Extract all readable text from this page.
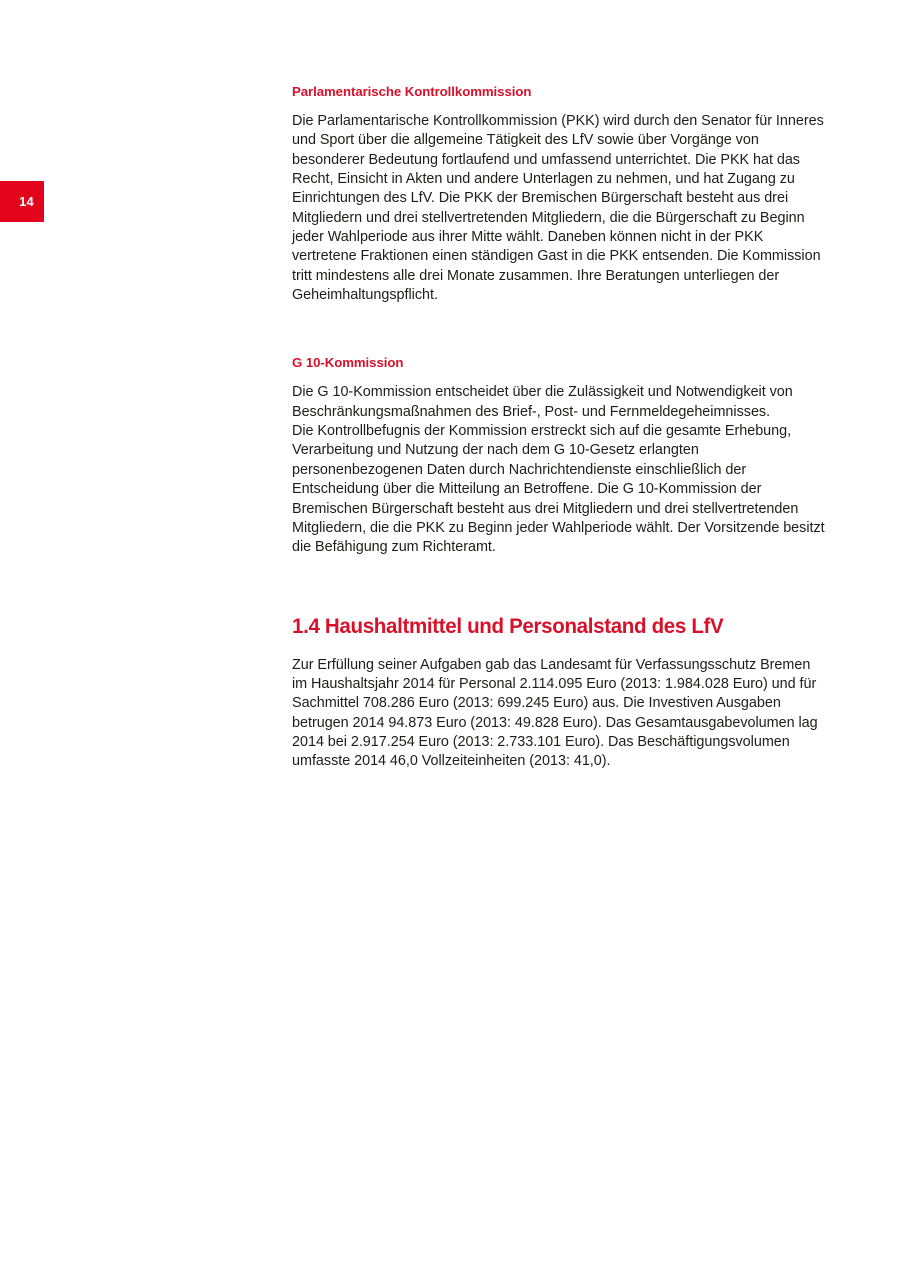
14
Parlamentarische Kontrollkommission

Die Parlamentarische Kontrollkommission (PKK) wird durch den Senator für Inneres und Sport über die allgemeine Tätigkeit des LfV sowie über Vorgänge von besonderer Bedeutung fortlaufend und umfassend unterrichtet. Die PKK hat das Recht, Einsicht in Akten und andere Unterlagen zu nehmen, und hat Zugang zu Einrichtungen des LfV. Die PKK der Bremischen Bürgerschaft besteht aus drei Mitgliedern und drei stellvertretenden Mitgliedern, die die Bürgerschaft zu Beginn jeder Wahlperiode aus ihrer Mitte wählt. Daneben können nicht in der PKK vertretene Fraktionen einen ständigen Gast in die PKK entsenden. Die Kommission tritt mindestens alle drei Monate zusammen. Ihre Beratungen unterliegen der Geheimhaltungspflicht.

G 10-Kommission

Die G 10-Kommission entscheidet über die Zulässigkeit und Notwendigkeit von Beschränkungsmaßnahmen des Brief-, Post- und Fernmeldegeheimnisses.

Die Kontrollbefugnis der Kommission erstreckt sich auf die gesamte Erhebung, Verarbeitung und Nutzung der nach dem G 10-Gesetz erlangten personenbezogenen Daten durch Nachrichtendienste einschließlich der Entscheidung über die Mitteilung an Betroffene. Die G 10-Kommission der Bremischen Bürgerschaft besteht aus drei Mitgliedern und drei stellvertretenden Mitgliedern, die die PKK zu Beginn jeder Wahlperiode wählt. Der Vorsitzende besitzt die Befähigung zum Richteramt.

1.4 Haushaltmittel und Personalstand des LfV

Zur Erfüllung seiner Aufgaben gab das Landesamt für Verfassungsschutz Bremen im Haushaltsjahr 2014 für Personal 2.114.095 Euro (2013: 1.984.028 Euro) und für Sachmittel 708.286 Euro (2013: 699.245 Euro) aus. Die Investiven Ausgaben betrugen 2014 94.873 Euro (2013: 49.828 Euro). Das Gesamtausgabevolumen lag 2014 bei 2.917.254 Euro (2013: 2.733.101 Euro). Das Beschäftigungsvolumen umfasste 2014 46,0 Vollzeiteinheiten (2013: 41,0).
